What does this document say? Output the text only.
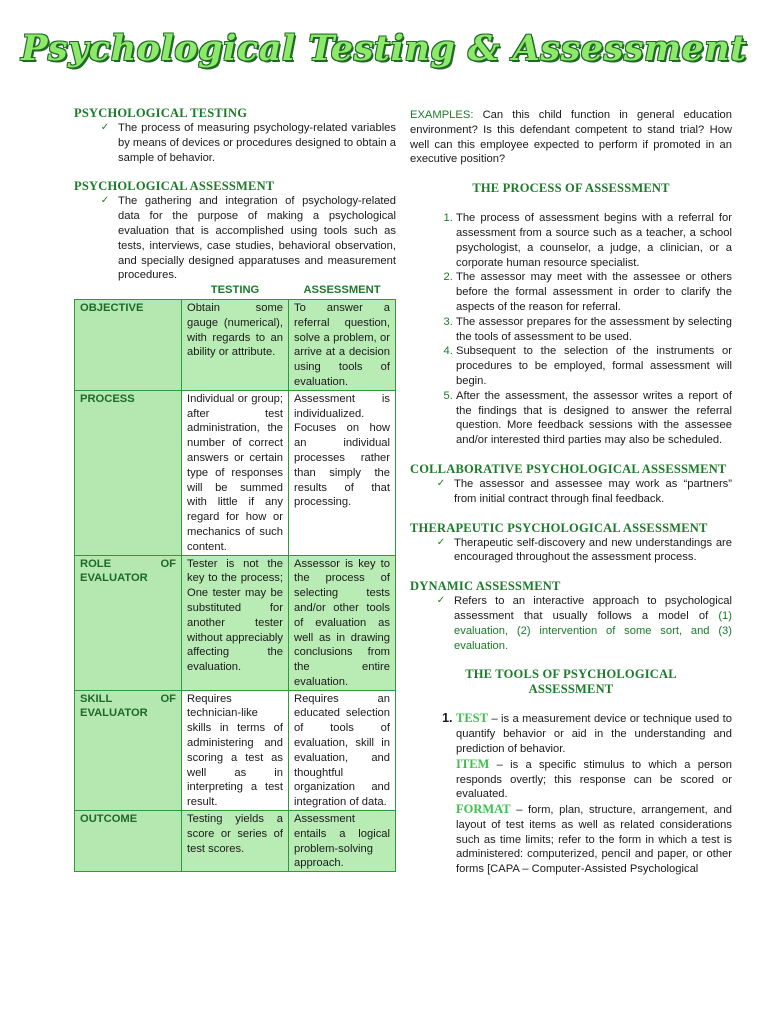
Psychological Testing & Assessment
PSYCHOLOGICAL TESTING
✓ The process of measuring psychology-related variables by means of devices or procedures designed to obtain a sample of behavior.
PSYCHOLOGICAL ASSESSMENT
✓ The gathering and integration of psychology-related data for the purpose of making a psychological evaluation that is accomplished using tools such as tests, interviews, case studies, behavioral observation, and specially designed apparatuses and measurement procedures.
	TESTING	ASSESSMENT
OBJECTIVE	Obtain some gauge (numerical), with regards to an ability or attribute.	To answer a referral question, solve a problem, or arrive at a decision using tools of evaluation.
PROCESS	Individual or group; after test administration, the number of correct answers or certain type of responses will be summed with little if any regard for how or mechanics of such content.	Assessment is individualized. Focuses on how an individual processes rather than simply the results of that processing.
ROLE OF EVALUATOR	Tester is not the key to the process; One tester may be substituted for another tester without appreciably affecting the evaluation.	Assessor is key to the process of selecting tests and/or other tools of evaluation as well as in drawing conclusions from the entire evaluation.
SKILL OF EVALUATOR	Requires technician-like skills in terms of administering and scoring a test as well as in interpreting a test result.	Requires an educated selection of tools of evaluation, skill in evaluation, and thoughtful organization and integration of data.
OUTCOME	Testing yields a score or series of test scores.	Assessment entails a logical problem-solving approach.
EXAMPLES: Can this child function in general education environment? Is this defendant competent to stand trial? How well can this employee expected to perform if promoted in an executive position?
THE PROCESS OF ASSESSMENT
1. The process of assessment begins with a referral for assessment from a source such as a teacher, a school psychologist, a counselor, a judge, a clinician, or a corporate human resource specialist.
2. The assessor may meet with the assessee or others before the formal assessment in order to clarify the aspects of the reason for referral.
3. The assessor prepares for the assessment by selecting the tools of assessment to be used.
4. Subsequent to the selection of the instruments or procedures to be employed, formal assessment will begin.
5. After the assessment, the assessor writes a report of the findings that is designed to answer the referral question. More feedback sessions with the assessee and/or interested third parties may also be scheduled.
COLLABORATIVE PSYCHOLOGICAL ASSESSMENT
✓ The assessor and assessee may work as “partners” from initial contract through final feedback.
THERAPEUTIC PSYCHOLOGICAL ASSESSMENT
✓ Therapeutic self-discovery and new understandings are encouraged throughout the assessment process.
DYNAMIC ASSESSMENT
✓ Refers to an interactive approach to psychological assessment that usually follows a model of (1) evaluation, (2) intervention of some sort, and (3) evaluation.
THE TOOLS OF PSYCHOLOGICAL ASSESSMENT
1. TEST – is a measurement device or technique used to quantify behavior or aid in the understanding and prediction of behavior.
ITEM – is a specific stimulus to which a person responds overtly; this response can be scored or evaluated.
FORMAT – form, plan, structure, arrangement, and layout of test items as well as related considerations such as time limits; refer to the form in which a test is administered: computerized, pencil and paper, or other forms [CAPA – Computer-Assisted Psychological
